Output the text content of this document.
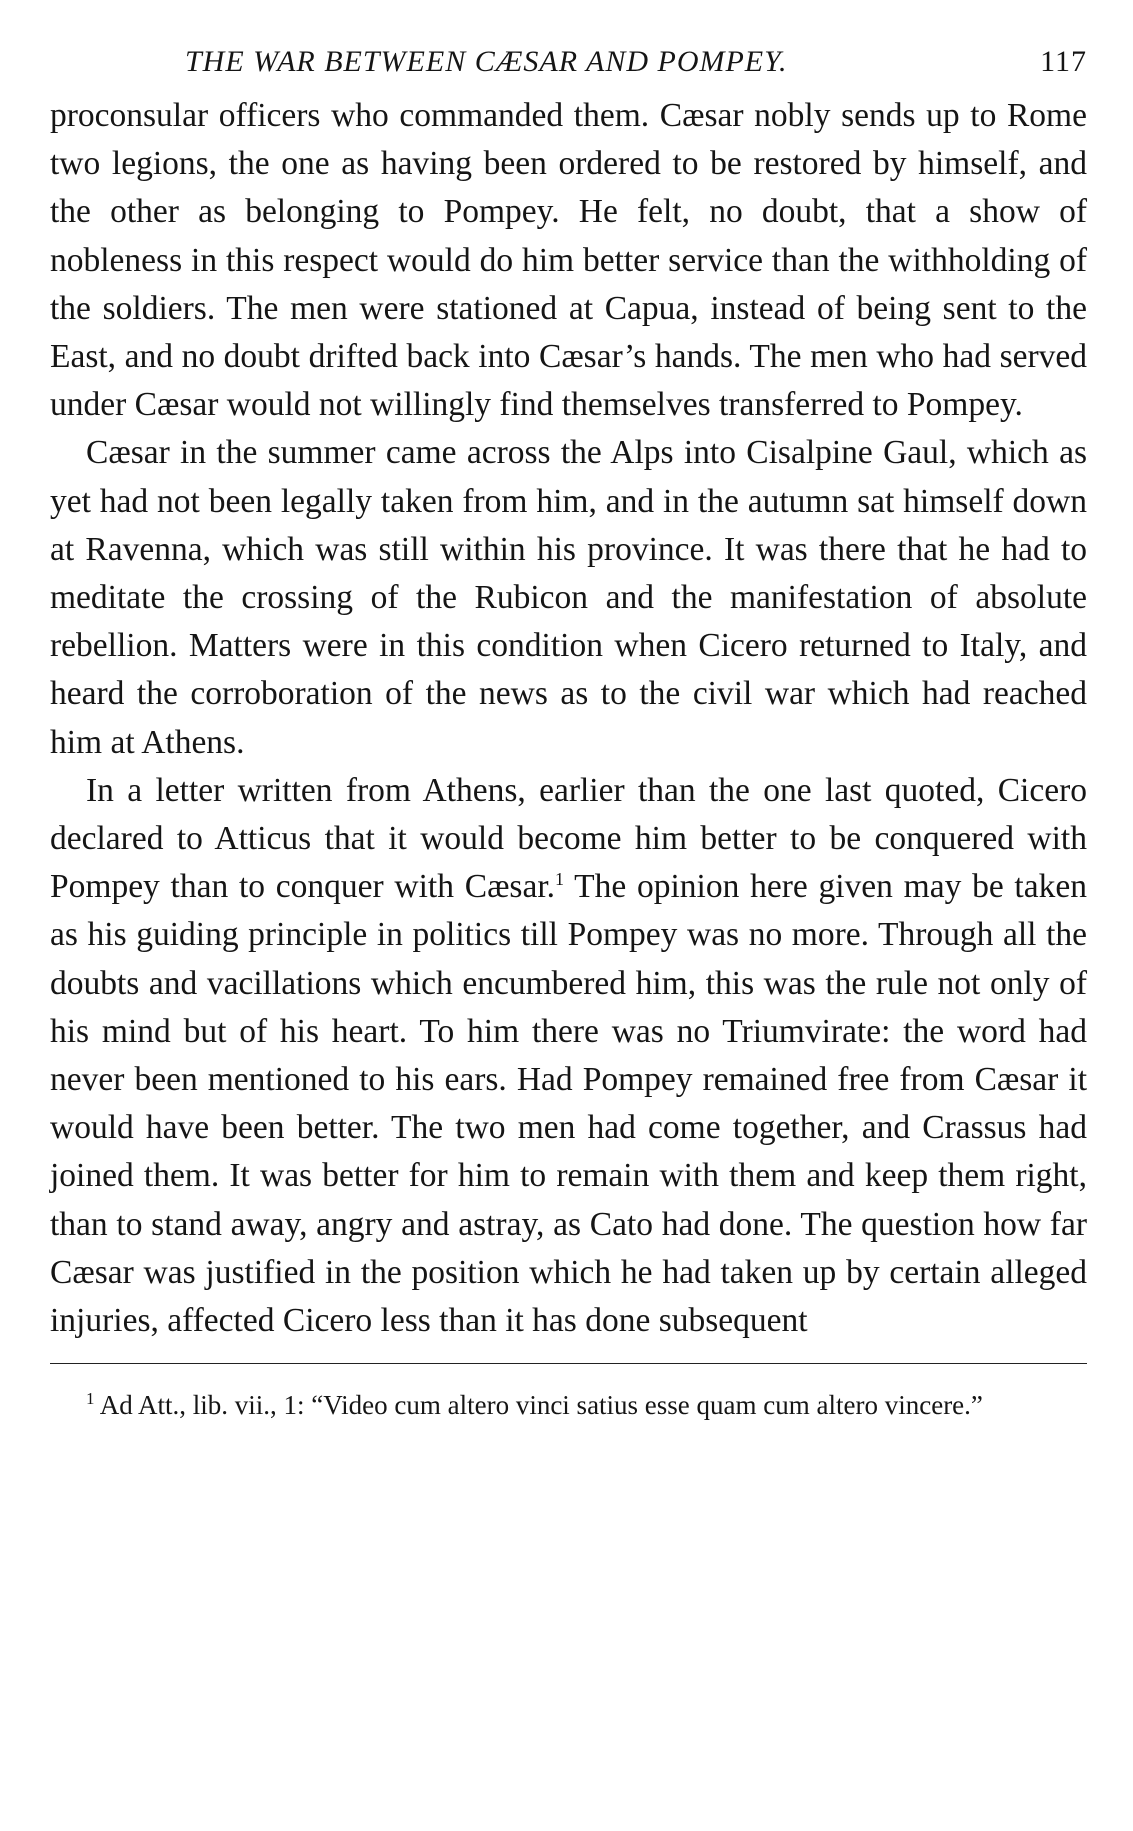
THE WAR BETWEEN CÆSAR AND POMPEY.	117

proconsular officers who commanded them. Cæsar nobly sends up to Rome two legions, the one as having been ordered to be restored by himself, and the other as belonging to Pompey. He felt, no doubt, that a show of nobleness in this respect would do him better service than the withholding of the soldiers. The men were stationed at Capua, instead of being sent to the East, and no doubt drifted back into Cæsar’s hands. The men who had served under Cæsar would not willingly find themselves transferred to Pompey.

Cæsar in the summer came across the Alps into Cisalpine Gaul, which as yet had not been legally taken from him, and in the autumn sat himself down at Ravenna, which was still within his province. It was there that he had to meditate the crossing of the Rubicon and the manifestation of absolute rebellion. Matters were in this condition when Cicero returned to Italy, and heard the corroboration of the news as to the civil war which had reached him at Athens.

In a letter written from Athens, earlier than the one last quoted, Cicero declared to Atticus that it would become him better to be conquered with Pompey than to conquer with Cæsar.$^1$ The opinion here given may be taken as his guiding principle in politics till Pompey was no more. Through all the doubts and vacillations which encumbered him, this was the rule not only of his mind but of his heart. To him there was no Triumvirate: the word had never been mentioned to his ears. Had Pompey remained free from Cæsar it would have been better. The two men had come together, and Crassus had joined them. It was better for him to remain with them and keep them right, than to stand away, angry and astray, as Cato had done. The question how far Cæsar was justified in the position which he had taken up by certain alleged injuries, affected Cicero less than it has done subsequent

$^1$ Ad Att., lib. vii., 1: “Video cum altero vinci satius esse quam cum altero vincere.”
